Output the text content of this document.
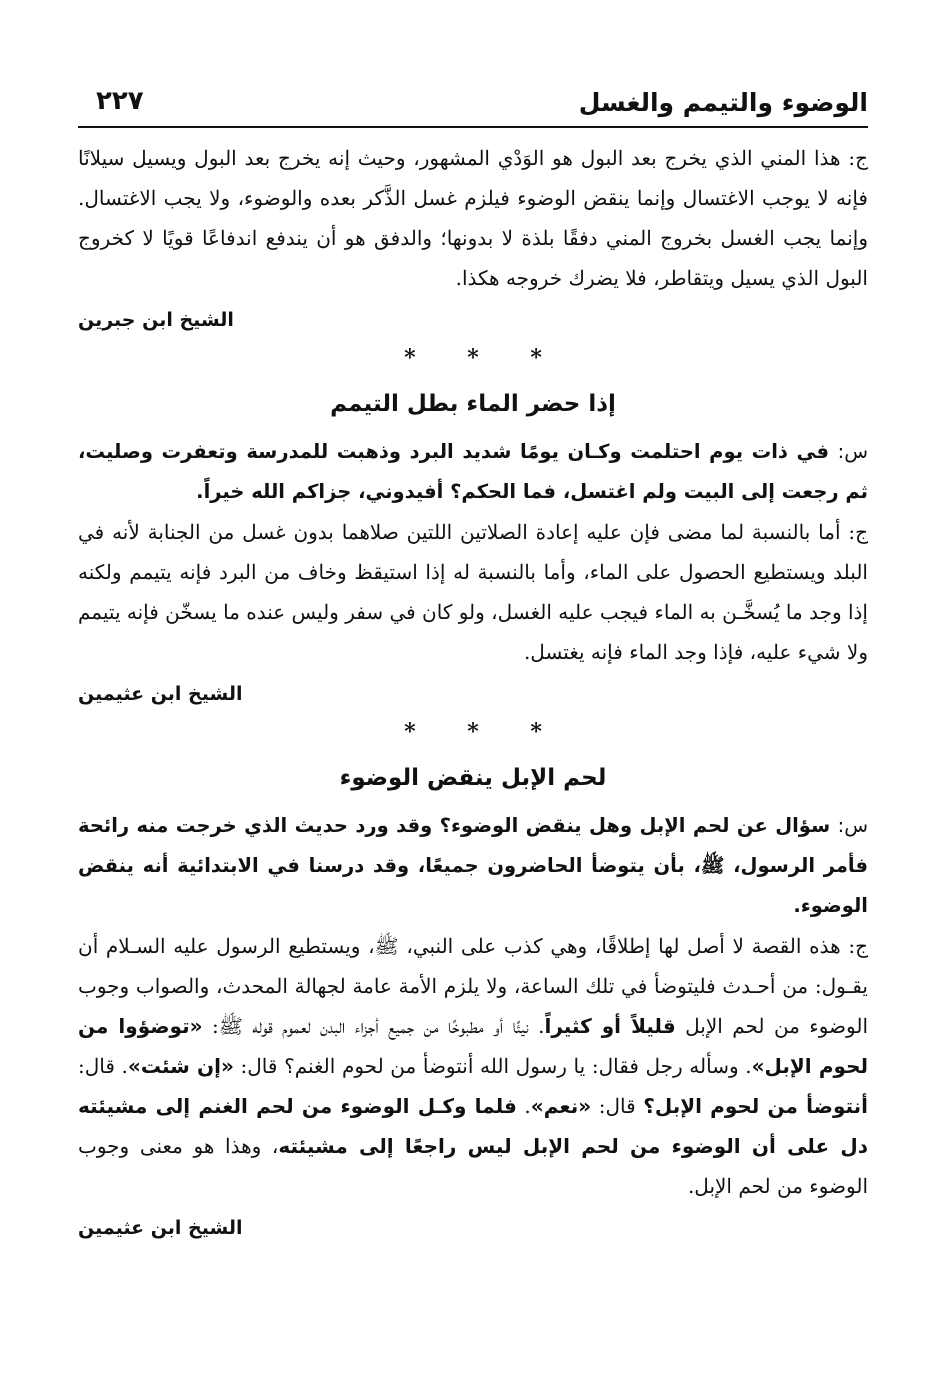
الوضوء والتيمم والغسل
٢٢٧

ج: هذا المني الذي يخرج بعد البول هو الوَدْي المشهور، وحيث إنه يخرج بعد البول ويسيل سيلانًا فإنه لا يوجب الاغتسال وإنما ينقض الوضوء فيلزم غسل الذَّكر بعده والوضوء، ولا يجب الاغتسال. وإنما يجب الغسل بخروج المني دفقًا بلذة لا بدونها؛ والدفق هو أن يندفع اندفاعًا قويًا لا كخروج البول الذي يسيل ويتقاطر، فلا يضرك خروجه هكذا.

الشيخ ابن جبرين
* * *
إذا حضر الماء بطل التيمم

س: في ذات يوم احتلمت وكـان يومًا شديد البرد وذهبت للمدرسة وتعفرت وصليت، ثم رجعت إلى البيت ولم اغتسل، فما الحكم؟ أفيدوني، جزاكم الله خيراً.

ج: أما بالنسبة لما مضى فإن عليه إعادة الصلاتين اللتين صلاهما بدون غسل من الجنابة لأنه في البلد ويستطيع الحصول على الماء، وأما بالنسبة له إذا استيقظ وخاف من البرد فإنه يتيمم ولكنه إذا وجد ما يُسخَّـن به الماء فيجب عليه الغسل، ولو كان في سفر وليس عنده ما يسخّن فإنه يتيمم ولا شيء عليه، فإذا وجد الماء فإنه يغتسل.

الشيخ ابن عثيمين
* * *
لحم الإبل ينقض الوضوء

س: سؤال عن لحم الإبل وهل ينقض الوضوء؟ وقد ورد حديث الذي خرجت منه رائحة فأمر الرسول، ﷺ، بأن يتوضأ الحاضرون جميعًا، وقد درسنا في الابتدائية أنه ينقض الوضوء.

ج: هذه القصة لا أصل لها إطلاقًا، وهي كذب على النبي، ﷺ، ويستطيع الرسول عليه السـلام أن يقـول: من أحـدث فليتوضأ في تلك الساعة، ولا يلزم الأمة عامة لجهالة المحدث، والصواب وجوب الوضوء من لحم الإبل قليلاً أو كثيراً. نيئًا أو مطبوخًا من جميع أجزاء البدن لعموم قوله ﷺ: «توضؤوا من لحوم الإبل». وسأله رجل فقال: يا رسول الله أنتوضأ من لحوم الغنم؟ قال: «إن شئت». قال: أنتوضأ من لحوم الإبل؟ قال: «نعم». فلما وكـل الوضوء من لحم الغنم إلى مشيئته دل على أن الوضوء من لحم الإبل ليس راجعًا إلى مشيئته، وهذا هو معنى وجوب الوضوء من لحم الإبل.

الشيخ ابن عثيمين
